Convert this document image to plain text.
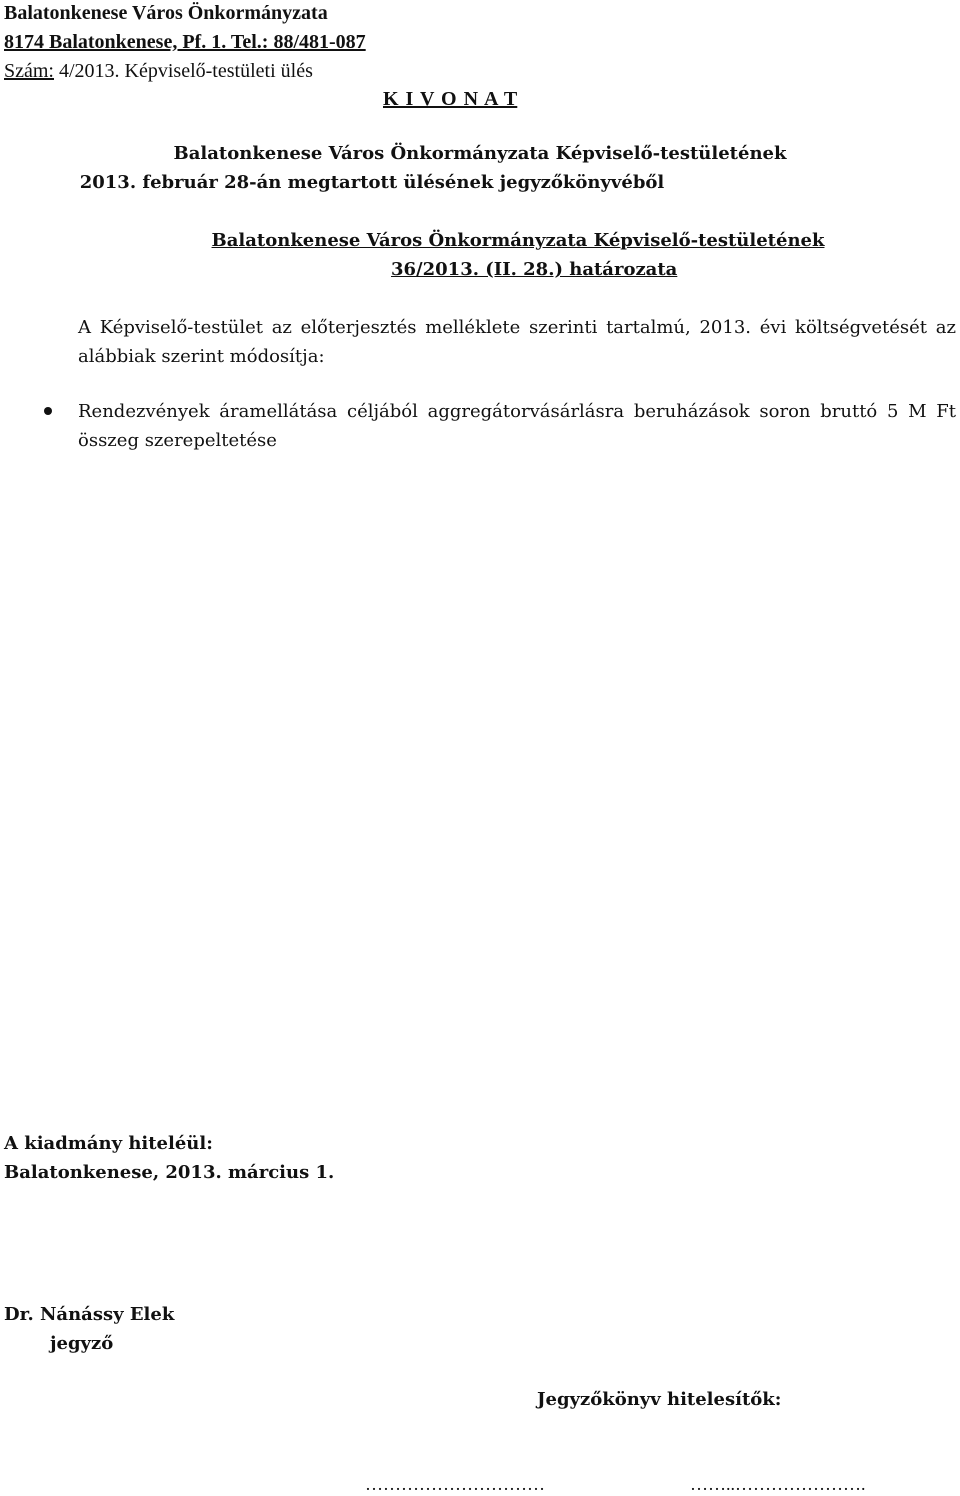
Balatonkenese Város Önkormányzata
8174 Balatonkenese, Pf. 1. Tel.: 88/481-087
Szám: 4/2013. Képviselő-testületi ülés
K I V O N A T
Balatonkenese Város Önkormányzata Képviselő-testületének
2013. február 28-án megtartott ülésének jegyzőkönyvéből
Balatonkenese Város Önkormányzata Képviselő-testületének
36/2013. (II. 28.) határozata
A Képviselő-testület az előterjesztés melléklete szerinti tartalmú, 2013. évi költségvetését az alábbiak szerint módosítja:
Rendezvények áramellátása céljából aggregátorvásárlásra beruházások soron bruttó 5 M Ft összeg szerepeltetése
A kiadmány hiteléül:
Balatonkenese, 2013. március 1.
Dr. Nánássy Elek
jegyző
Jegyzőkönyv hitelesítők:
…………………………	……..………………….
